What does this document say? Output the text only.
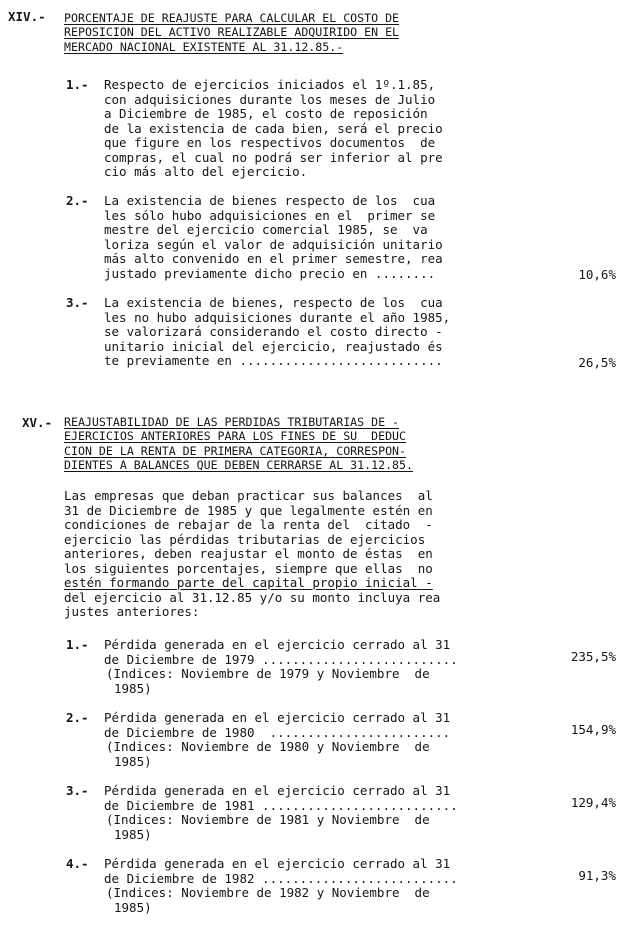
XIV.- PORCENTAJE DE REAJUSTE PARA CALCULAR EL COSTO DE
REPOSICION DEL ACTIVO REALIZABLE ADQUIRIDO EN EL
MERCADO NACIONAL EXISTENTE AL 31.12.85.-
1.- Respecto de ejercicios iniciados el 1º.1.85,
con adquisiciones durante los meses de Julio
a Diciembre de 1985, el costo de reposición
de la existencia de cada bien, será el precio
que figure en los respectivos documentos  de
compras, el cual no podrá ser inferior al pre
cio más alto del ejercicio.
2.- La existencia de bienes respecto de los  cua
les sólo hubo adquisiciones en el  primer se
mestre del ejercicio comercial 1985, se  va
loriza según el valor de adquisición unitario
más alto convenido en el primer semestre, rea
justado previamente dicho precio en ........	10,6%
3.- La existencia de bienes, respecto de los  cua
les no hubo adquisiciones durante el año 1985,
se valorizará considerando el costo directo -
unitario inicial del ejercicio, reajustado és
te previamente en ...........................	26,5%
XV.- REAJUSTABILIDAD DE LAS PERDIDAS TRIBUTARIAS DE -
EJERCICIOS ANTERIORES PARA LOS FINES DE SU  DEDUC
CION DE LA RENTA DE PRIMERA CATEGORIA, CORRESPON-
DIENTES A BALANCES QUE DEBEN CERRARSE AL 31.12.85.
Las empresas que deban practicar sus balances  al
31 de Diciembre de 1985 y que legalmente estén en
condiciones de rebajar de la renta del  citado  -
ejercicio las pérdidas tributarias de ejercicios
anteriores, deben reajustar el monto de éstas  en
los siguientes porcentajes, siempre que ellas  no
estén formando parte del capital propio inicial -
del ejercicio al 31.12.85 y/o su monto incluya rea
justes anteriores:
1.- Pérdida generada en el ejercicio cerrado al 31
de Diciembre de 1979 ..........................
(Indices: Noviembre de 1979 y Noviembre  de
1985)
235,5%
2.- Pérdida generada en el ejercicio cerrado al 31
de Diciembre de 1980  ........................
(Indices: Noviembre de 1980 y Noviembre  de
1985)
154,9%
3.- Pérdida generada en el ejercicio cerrado al 31
de Diciembre de 1981 ..........................
(Indices: Noviembre de 1981 y Noviembre  de
1985)
129,4%
4.- Pérdida generada en el ejercicio cerrado al 31
de Diciembre de 1982 ..........................
(Indices: Noviembre de 1982 y Noviembre  de
1985)
91,3%
